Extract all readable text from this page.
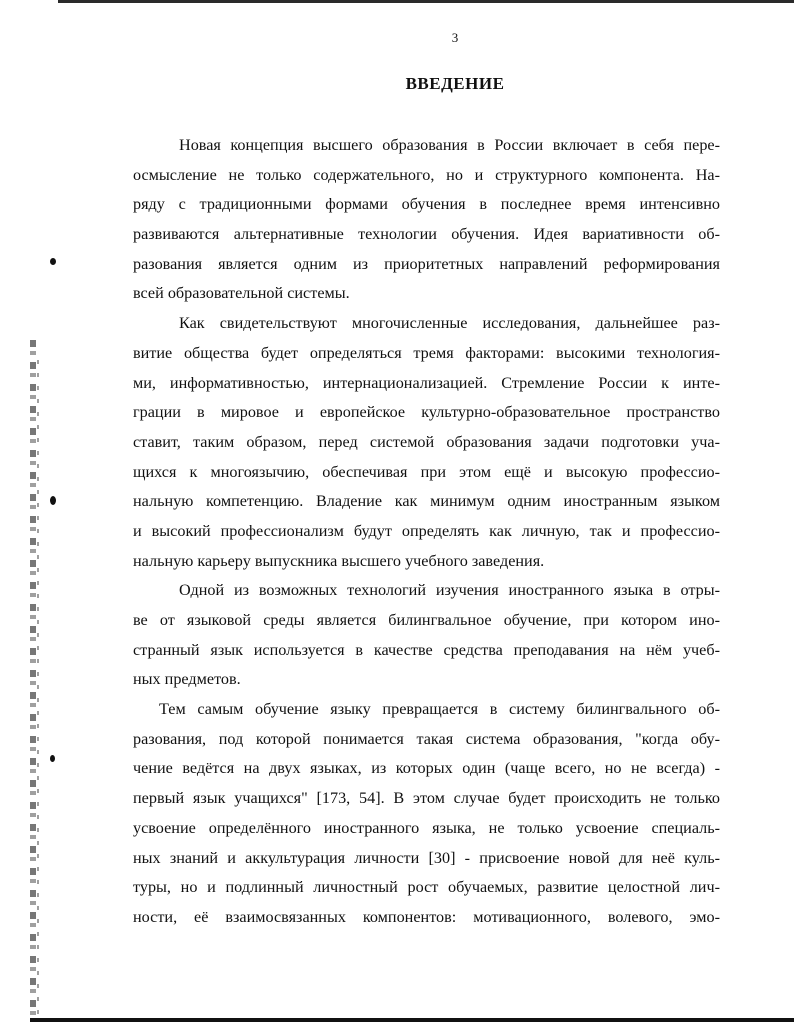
3
ВВЕДЕНИЕ
Новая концепция высшего образования в России включает в себя пере-
осмысление не только содержательного, но и структурного компонента. На-
ряду с традиционными формами обучения в последнее время интенсивно
развиваются альтернативные технологии обучения. Идея вариативности об-
разования является одним из приоритетных направлений реформирования
всей образовательной системы.
Как свидетельствуют многочисленные исследования, дальнейшее раз-
витие общества будет определяться тремя факторами: высокими технология-
ми, информативностью, интернационализацией. Стремление России к инте-
грации в мировое и европейское культурно-образовательное пространство
ставит, таким образом, перед системой образования задачи подготовки уча-
щихся к многоязычию, обеспечивая при этом ещё и высокую профессио-
нальную компетенцию. Владение как минимум одним иностранным языком
и высокий профессионализм будут определять как личную, так и профессио-
нальную карьеру выпускника высшего учебного заведения.
Одной из возможных технологий изучения иностранного языка в отры-
ве от языковой среды является билингвальное обучение, при котором ино-
странный язык используется в качестве средства преподавания на нём учеб-
ных предметов.
Тем самым обучение языку превращается в систему билингвального об-
разования, под которой понимается такая система образования, "когда обу-
чение ведётся на двух языках, из которых один (чаще всего, но не всегда) -
первый язык учащихся" [173, 54]. В этом случае будет происходить не только
усвоение определённого иностранного языка, не только усвоение специаль-
ных знаний и аккультурация личности [30] - присвоение новой для неё куль-
туры, но и подлинный личностный рост обучаемых, развитие целостной лич-
ности, её взаимосвязанных компонентов: мотивационного, волевого, эмо-
